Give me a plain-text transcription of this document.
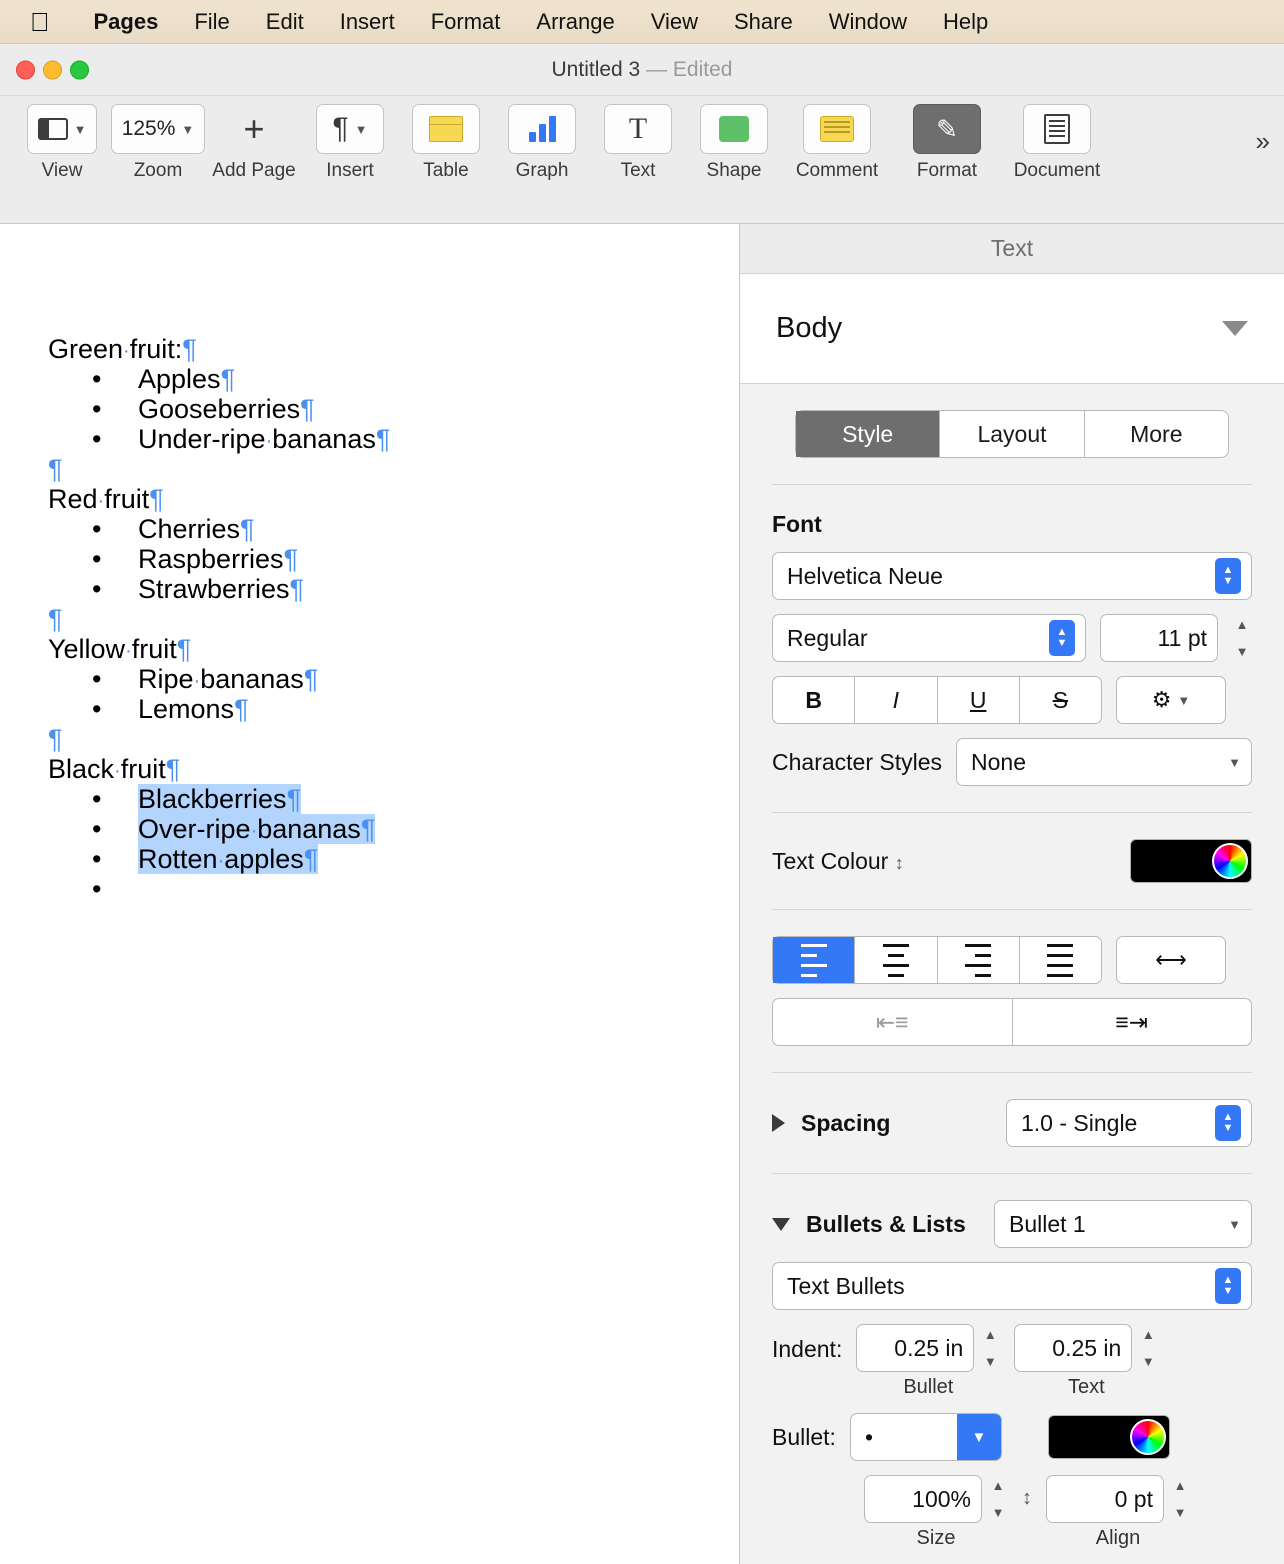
Pages	File	Edit	Insert	Format	Arrange	View	Share	Window	Help
Untitled 3 — Edited
▼
View
125% ▼
Zoom
+
Add Page
¶ ▼
Insert	Table Graph
T
Text	Shape Comment
✎
Format Document
»
Green·fruit:¶
• Apples¶
• Gooseberries¶
• Under-ripe·bananas¶
¶
Red·fruit¶
• Cherries¶
• Raspberries¶
• Strawberries¶
¶
Yellow·fruit¶
• Ripe·bananas¶
• Lemons¶
¶
Black·fruit¶
• Blackberries¶
• Over-ripe·bananas¶
• Rotten·apples¶
•
Text
Body
Style	Layout	More
Font
Helvetica Neue	▲
▼
Regular	▲
▼	11 pt ▲
▼
B	I	U	S	⚙ ▼
Character Styles None	▼
Text Colour ↕
⟷
⇤≡	≡⇥
Spacing	1.0 - Single	▲
▼
Bullets & Lists Bullet 1	▼
Text Bullets	▲
▼
Indent: 0.25 in ▲
▼
Bullet
0.25 in ▲
▼
Text
Bullet: •	▼
100% ▲
▼
Size
↕	0 pt ▲
▼
Align
